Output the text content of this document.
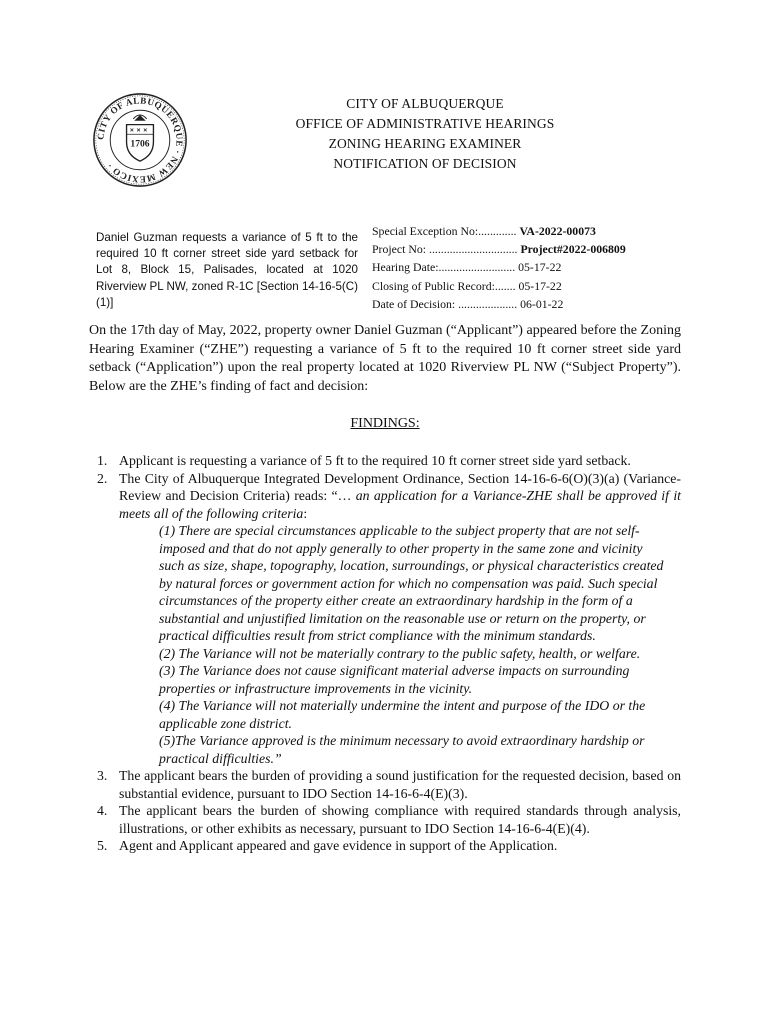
CITY OF ALBUQUERQUE · NEW MEXICO ·
1706
CITY OF ALBUQUERQUE
OFFICE OF ADMINISTRATIVE HEARINGS
ZONING HEARING EXAMINER
NOTIFICATION OF DECISION
Daniel Guzman requests a variance of 5 ft to the required 10 ft corner street side yard setback for Lot 8, Block 15, Palisades, located at 1020 Riverview PL NW, zoned R-1C [Section 14-16-5(C)(1)]
Special Exception No:............. VA-2022-00073
Project No: .............................. Project#2022-006809
Hearing Date:.......................... 05-17-22
Closing of Public Record:....... 05-17-22
Date of Decision: .................... 06-01-22
On the 17th day of May, 2022, property owner Daniel Guzman (“Applicant”) appeared before the Zoning Hearing Examiner (“ZHE”) requesting a variance of 5 ft to the required 10 ft corner street side yard setback (“Application”) upon the real property located at 1020 Riverview PL NW (“Subject Property”). Below are the ZHE’s finding of fact and decision:
FINDINGS:
1. Applicant is requesting a variance of 5 ft to the required 10 ft corner street side yard setback.
2. The City of Albuquerque Integrated Development Ordinance, Section 14-16-6-6(O)(3)(a) (Variance-Review and Decision Criteria) reads: “… an application for a Variance-ZHE shall be approved if it meets all of the following criteria:
(1) There are special circumstances applicable to the subject property that are not self-imposed and that do not apply generally to other property in the same zone and vicinity such as size, shape, topography, location, surroundings, or physical characteristics created by natural forces or government action for which no compensation was paid. Such special circumstances of the property either create an extraordinary hardship in the form of a substantial and unjustified limitation on the reasonable use or return on the property, or practical difficulties result from strict compliance with the minimum standards.
(2) The Variance will not be materially contrary to the public safety, health, or welfare.
(3) The Variance does not cause significant material adverse impacts on surrounding properties or infrastructure improvements in the vicinity.
(4) The Variance will not materially undermine the intent and purpose of the IDO or the applicable zone district.
(5)The Variance approved is the minimum necessary to avoid extraordinary hardship or practical difficulties.”
3. The applicant bears the burden of providing a sound justification for the requested decision, based on substantial evidence, pursuant to IDO Section 14-16-6-4(E)(3).
4. The applicant bears the burden of showing compliance with required standards through analysis, illustrations, or other exhibits as necessary, pursuant to IDO Section 14-16-6-4(E)(4).
5. Agent and Applicant appeared and gave evidence in support of the Application.
